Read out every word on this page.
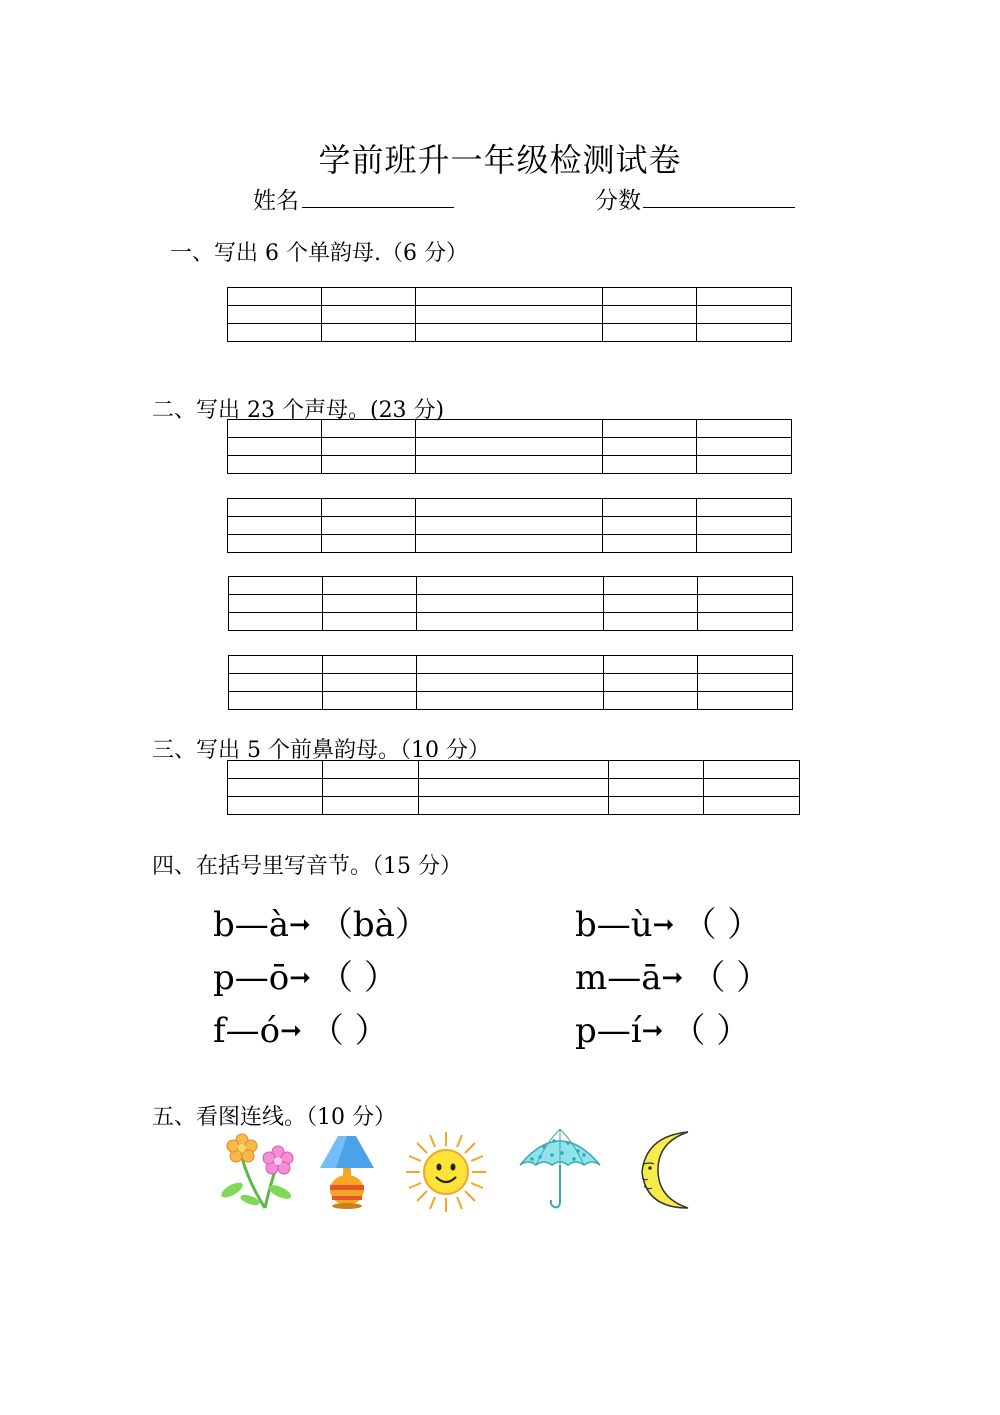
学前班升一年级检测试卷
姓名	分数
一、写出 6 个单韵母.（6 分）

二、写出 23 个声母。(23 分)

三、写出 5 个前鼻韵母。（10 分）

四、在括号里写音节。（15 分）
b—à➞ （bà）	b—ù➞ （ ）
p—ō➞ （ ）	m—ā➞ （ ）
f—ó➞ （ ）	p—í➞ （ ）
五、看图连线。（10 分）
